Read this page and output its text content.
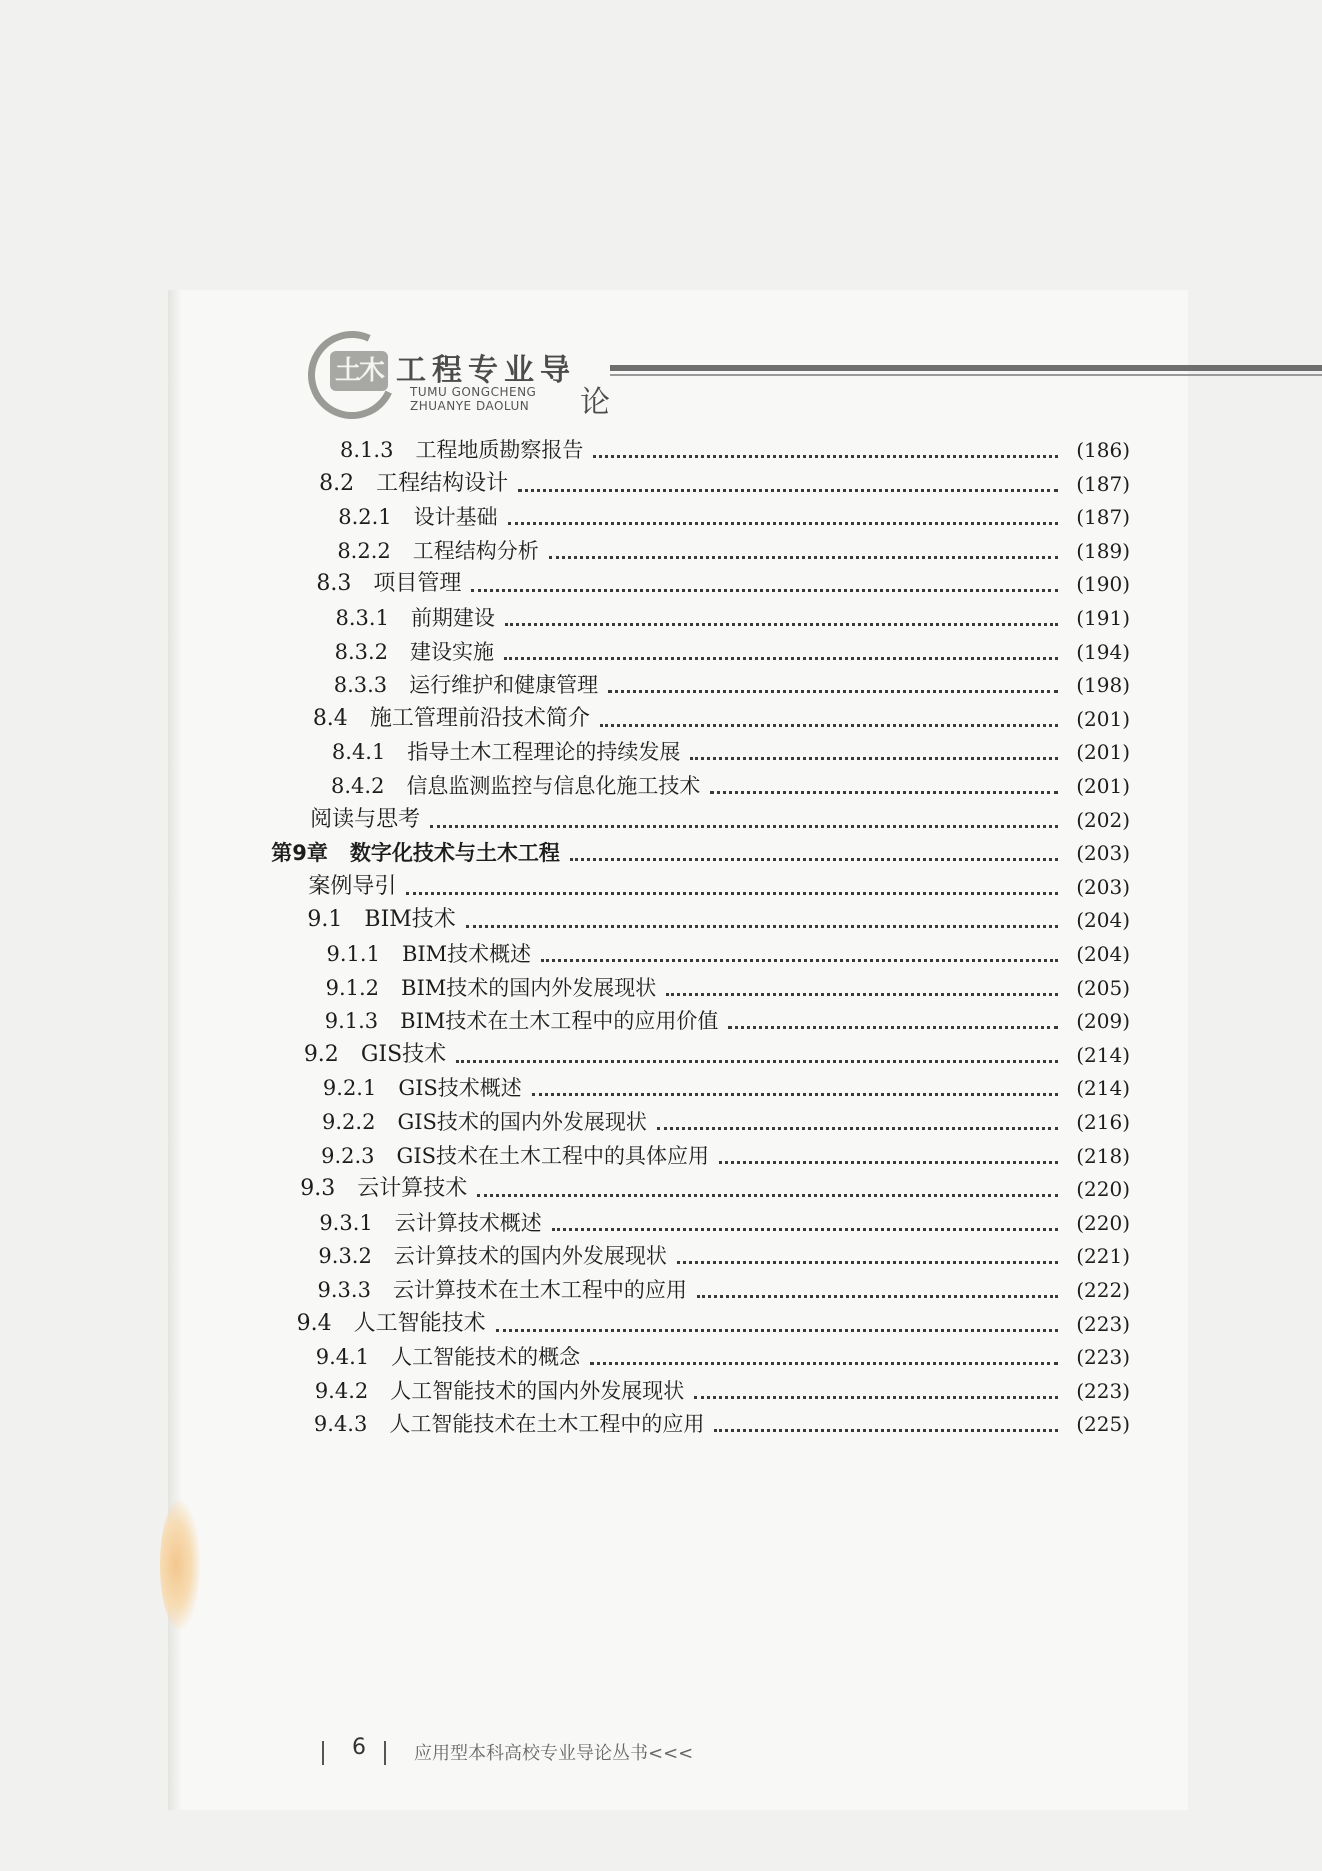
土木 工程专业导
论
TUMU GONGCHENG
ZHUANYE DAOLUN
8.1.3 工程地质勘察报告	(186)
8.2 工程结构设计	(187)
8.2.1 设计基础	(187)
8.2.2 工程结构分析	(189)
8.3 项目管理	(190)
8.3.1 前期建设	(191)
8.3.2 建设实施	(194)
8.3.3 运行维护和健康管理	(198)
8.4 施工管理前沿技术简介	(201)
8.4.1 指导土木工程理论的持续发展	(201)
8.4.2 信息监测监控与信息化施工技术	(201)
阅读与思考	(202)
第9章 数字化技术与土木工程	(203)
案例导引	(203)
9.1 BIM技术	(204)
9.1.1 BIM技术概述	(204)
9.1.2 BIM技术的国内外发展现状	(205)
9.1.3 BIM技术在土木工程中的应用价值	(209)
9.2 GIS技术	(214)
9.2.1 GIS技术概述	(214)
9.2.2 GIS技术的国内外发展现状	(216)
9.2.3 GIS技术在土木工程中的具体应用	(218)
9.3 云计算技术	(220)
9.3.1 云计算技术概述	(220)
9.3.2 云计算技术的国内外发展现状	(221)
9.3.3 云计算技术在土木工程中的应用	(222)
9.4 人工智能技术	(223)
9.4.1 人工智能技术的概念	(223)
9.4.2 人工智能技术的国内外发展现状	(223)
9.4.3 人工智能技术在土木工程中的应用	(225)
6	应用型本科高校专业导论丛书<<<
